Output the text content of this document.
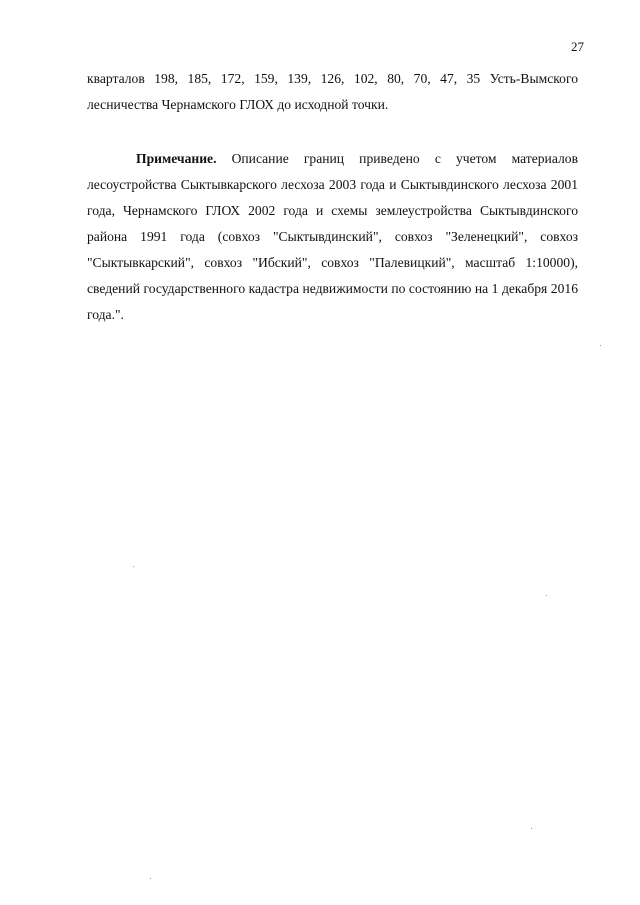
27

кварталов 198, 185, 172, 159, 139, 126, 102, 80, 70, 47, 35 Усть-Вымского лесничества Чернамского ГЛОХ до исходной точки.

Примечание. Описание границ приведено с учетом материалов лесоустройства Сыктывкарского лесхоза 2003 года и Сыктывдинского лесхоза 2001 года, Чернамского ГЛОХ 2002 года и схемы землеустройства Сыктывдинского района 1991 года (совхоз "Сыктывдинский", совхоз "Зеленецкий", совхоз "Сыктывкарский", совхоз "Ибский", совхоз "Палевицкий", масштаб 1:10000), сведений государственного кадастра недвижимости по состоянию на 1 декабря 2016 года.".
